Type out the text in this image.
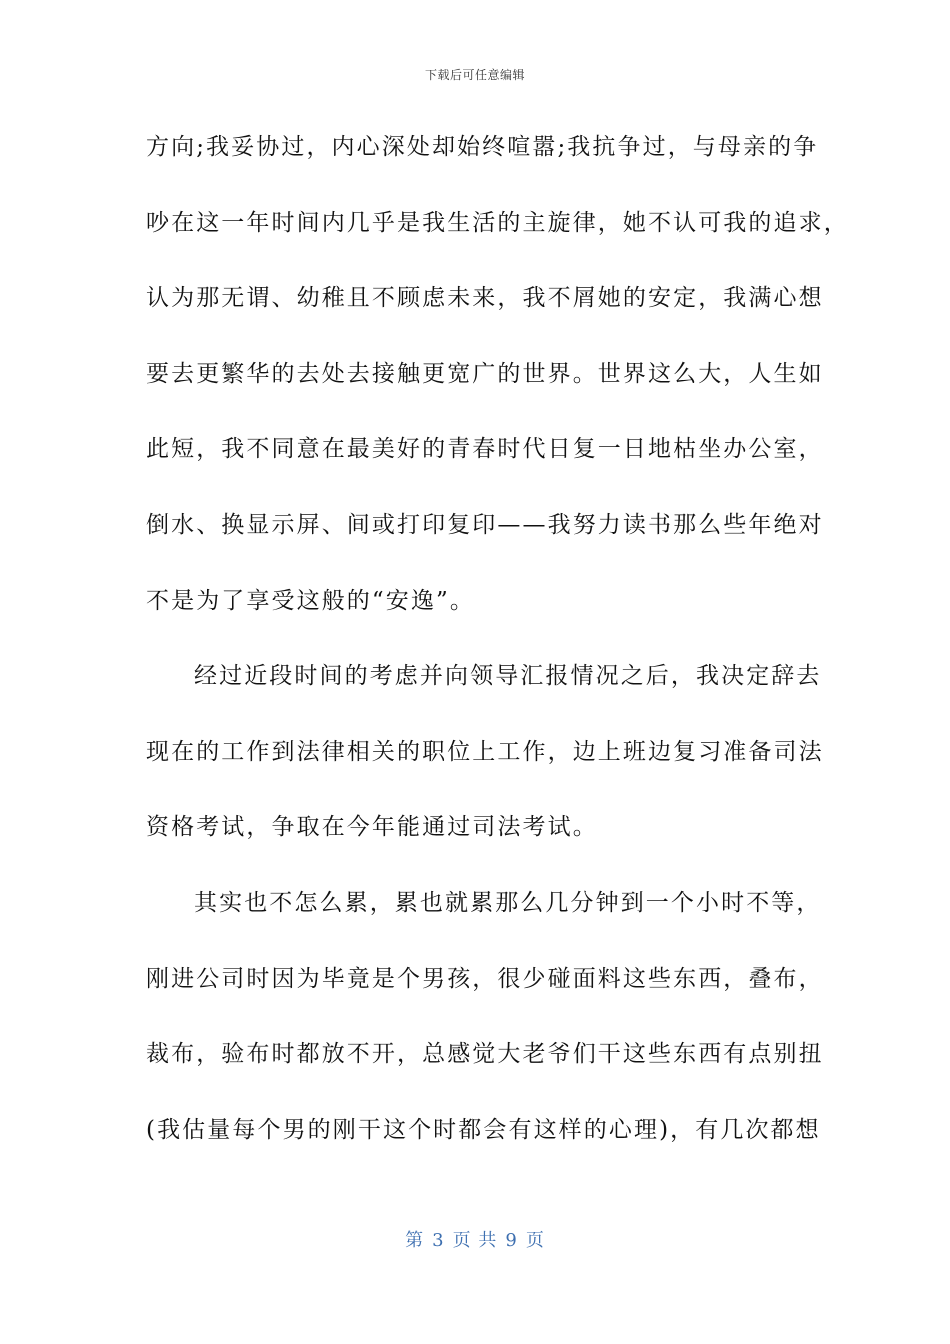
下载后可任意编辑
方向;我妥协过，内心深处却始终喧嚣;我抗争过，与母亲的争
吵在这一年时间内几乎是我生活的主旋律，她不认可我的追求，
认为那无谓、幼稚且不顾虑未来，我不屑她的安定，我满心想
要去更繁华的去处去接触更宽广的世界。世界这么大，人生如
此短，我不同意在最美好的青春时代日复一日地枯坐办公室，
倒水、换显示屏、间或打印复印——我努力读书那么些年绝对
不是为了享受这般的“安逸”。
经过近段时间的考虑并向领导汇报情况之后，我决定辞去
现在的工作到法律相关的职位上工作，边上班边复习准备司法
资格考试，争取在今年能通过司法考试。
其实也不怎么累，累也就累那么几分钟到一个小时不等，
刚进公司时因为毕竟是个男孩，很少碰面料这些东西，叠布，
裁布，验布时都放不开，总感觉大老爷们干这些东西有点别扭
(我估量每个男的刚干这个时都会有这样的心理)，有几次都想
第 3 页 共 9 页
